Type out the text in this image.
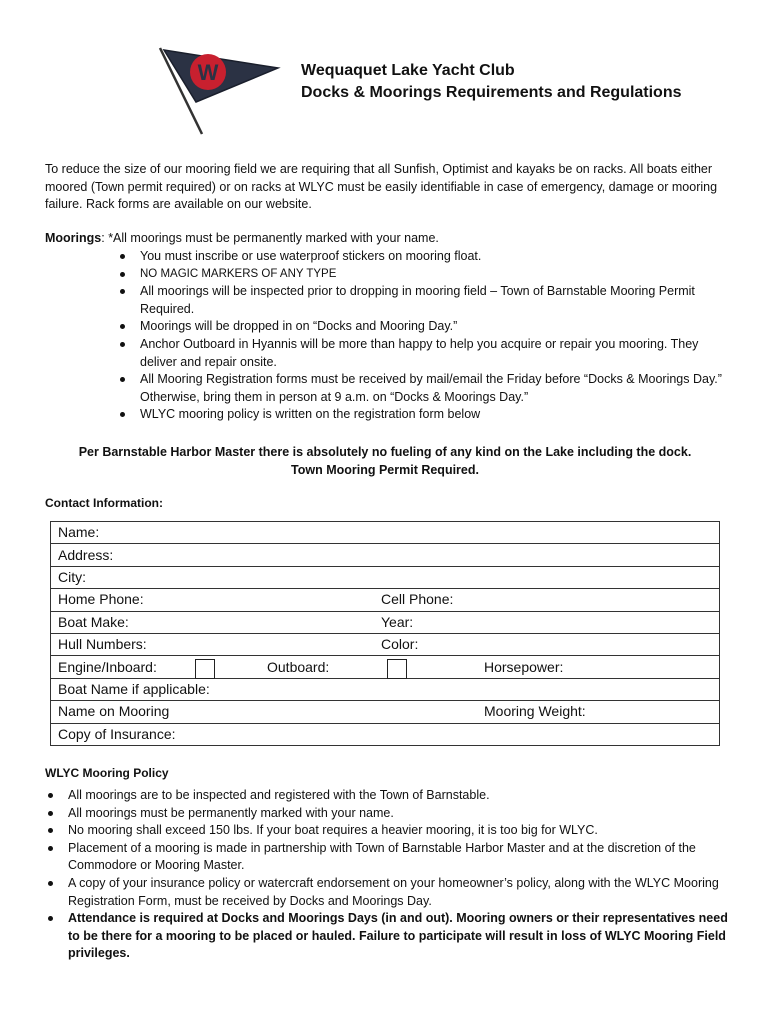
W	Wequaquet Lake Yacht Club
Docks & Moorings Requirements and Regulations
To reduce the size of our mooring field we are requiring that all Sunfish, Optimist and kayaks be on racks. All boats either moored (Town permit required) or on racks at WLYC must be easily identifiable in case of emergency, damage or mooring failure. Rack forms are available on our website.
Moorings: *All moorings must be permanently marked with your name.
You must inscribe or use waterproof stickers on mooring float.
NO MAGIC MARKERS OF ANY TYPE
All moorings will be inspected prior to dropping in mooring field – Town of Barnstable Mooring Permit Required.
Moorings will be dropped in on “Docks and Mooring Day.”
Anchor Outboard in Hyannis will be more than happy to help you acquire or repair you mooring. They deliver and repair onsite.
All Mooring Registration forms must be received by mail/email the Friday before “Docks & Moorings Day.” Otherwise, bring them in person at 9 a.m. on “Docks & Moorings Day.”
WLYC mooring policy is written on the registration form below
Per Barnstable Harbor Master there is absolutely no fueling of any kind on the Lake including the dock.
Town Mooring Permit Required.
Contact Information:
Name:

Address:

City:

Home Phone:	Cell Phone:

Boat Make:	Year:

Hull Numbers:	Color:

Engine/Inboard:	Outboard:	Horsepower:

Boat Name if applicable:

Name on Mooring	Mooring Weight:

Copy of Insurance:
WLYC Mooring Policy
All moorings are to be inspected and registered with the Town of Barnstable.
All moorings must be permanently marked with your name.
No mooring shall exceed 150 lbs. If your boat requires a heavier mooring, it is too big for WLYC.
Placement of a mooring is made in partnership with Town of Barnstable Harbor Master and at the discretion of the Commodore or Mooring Master.
A copy of your insurance policy or watercraft endorsement on your homeowner’s policy, along with the WLYC Mooring Registration Form, must be received by Docks and Moorings Day.
Attendance is required at Docks and Moorings Days (in and out). Mooring owners or their representatives need to be there for a mooring to be placed or hauled. Failure to participate will result in loss of WLYC Mooring Field privileges.
